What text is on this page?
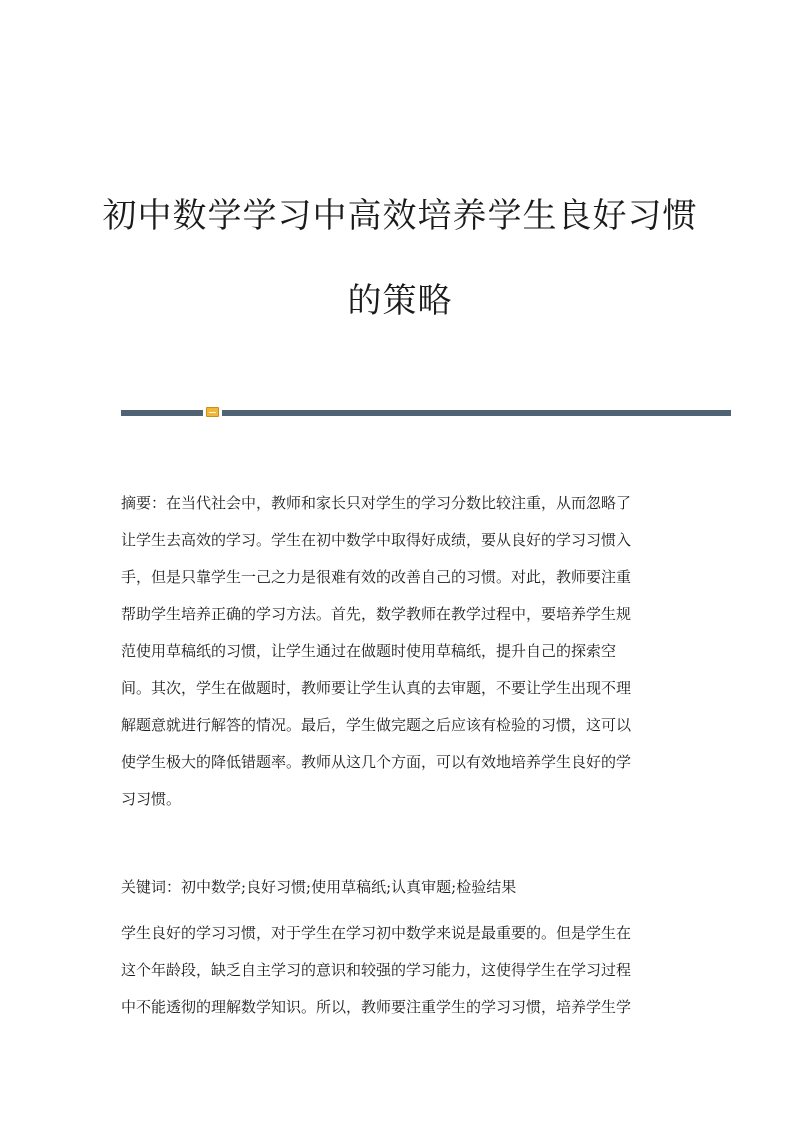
初中数学学习中高效培养学生良好习惯
的策略

摘要：在当代社会中，教师和家长只对学生的学习分数比较注重，从而忽略了
让学生去高效的学习。学生在初中数学中取得好成绩，要从良好的学习习惯入
手，但是只靠学生一己之力是很难有效的改善自己的习惯。对此，教师要注重
帮助学生培养正确的学习方法。首先，数学教师在教学过程中，要培养学生规
范使用草稿纸的习惯，让学生通过在做题时使用草稿纸，提升自己的探索空
间。其次，学生在做题时，教师要让学生认真的去审题，不要让学生出现不理
解题意就进行解答的情况。最后，学生做完题之后应该有检验的习惯，这可以
使学生极大的降低错题率。教师从这几个方面，可以有效地培养学生良好的学
习习惯。

关键词：初中数学;良好习惯;使用草稿纸;认真审题;检验结果

学生良好的学习习惯，对于学生在学习初中数学来说是最重要的。但是学生在
这个年龄段，缺乏自主学习的意识和较强的学习能力，这使得学生在学习过程
中不能透彻的理解数学知识。所以，教师要注重学生的学习习惯，培养学生学
